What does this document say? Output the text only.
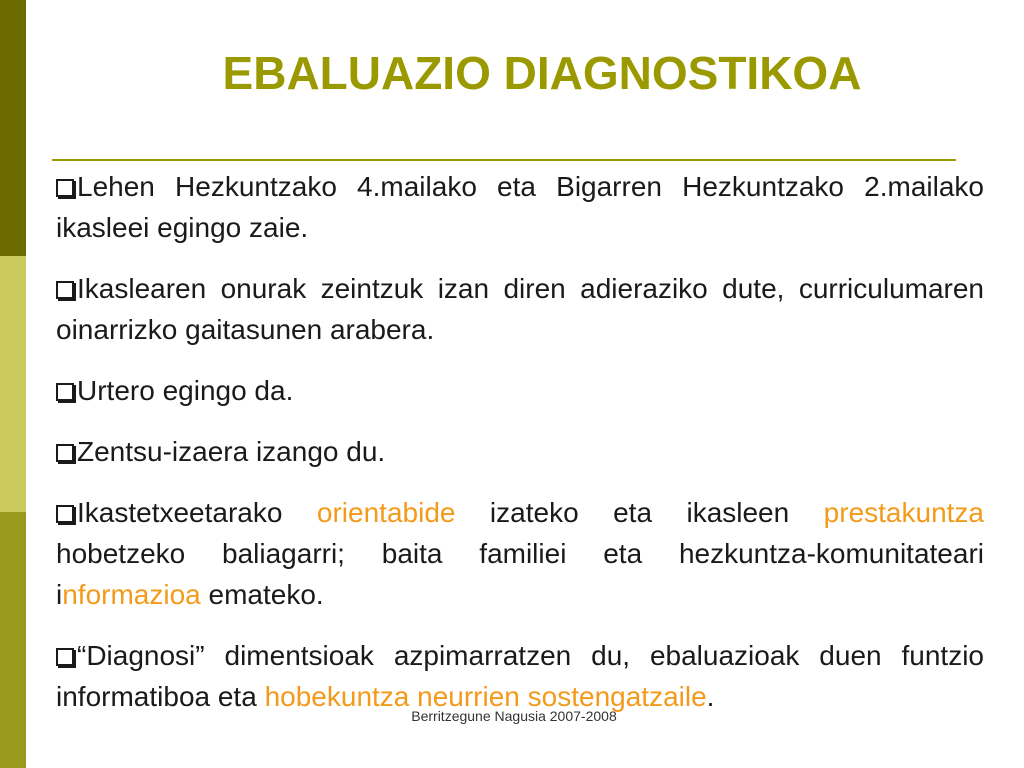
EBALUAZIO DIAGNOSTIKOA

Lehen Hezkuntzako 4.mailako eta Bigarren Hezkuntzako 2.mailako ikasleei egingo zaie.

Ikaslearen onurak zeintzuk izan diren adieraziko dute, curriculumaren oinarrizko gaitasunen arabera.

Urtero egingo da.

Zentsu-izaera izango du.

Ikastetxeetarako orientabide izateko eta ikasleen prestakuntza hobetzeko baliagarri; baita familiei eta hezkuntza-komunitateari informazioa emateko.

“Diagnosi” dimentsioak azpimarratzen du, ebaluazioak duen funtzio informatiboa eta hobekuntza neurrien sostengatzaile.

Berritzegune Nagusia 2007-2008
